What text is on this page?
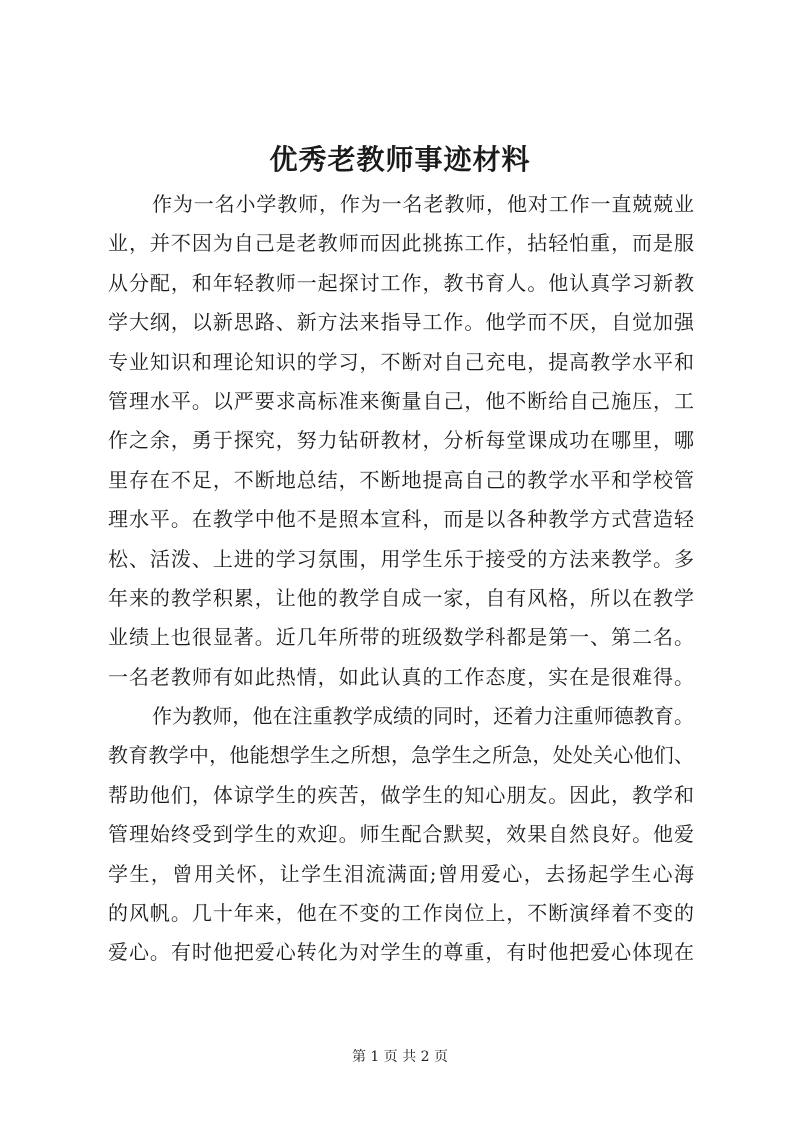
优秀老教师事迹材料
作为一名小学教师，作为一名老教师，他对工作一直兢兢业
业，并不因为自己是老教师而因此挑拣工作，拈轻怕重，而是服
从分配，和年轻教师一起探讨工作，教书育人。他认真学习新教
学大纲，以新思路、新方法来指导工作。他学而不厌，自觉加强
专业知识和理论知识的学习，不断对自己充电，提高教学水平和
管理水平。以严要求高标准来衡量自己，他不断给自己施压，工
作之余，勇于探究，努力钻研教材，分析每堂课成功在哪里，哪
里存在不足，不断地总结，不断地提高自己的教学水平和学校管
理水平。在教学中他不是照本宣科，而是以各种教学方式营造轻
松、活泼、上进的学习氛围，用学生乐于接受的方法来教学。多
年来的教学积累，让他的教学自成一家，自有风格，所以在教学
业绩上也很显著。近几年所带的班级数学科都是第一、第二名。
一名老教师有如此热情，如此认真的工作态度，实在是很难得。
作为教师，他在注重教学成绩的同时，还着力注重师德教育。
教育教学中，他能想学生之所想，急学生之所急，处处关心他们、
帮助他们，体谅学生的疾苦，做学生的知心朋友。因此，教学和
管理始终受到学生的欢迎。师生配合默契，效果自然良好。他爱
学生，曾用关怀，让学生泪流满面;曾用爱心，去扬起学生心海
的风帆。几十年来，他在不变的工作岗位上，不断演绎着不变的
爱心。有时他把爱心转化为对学生的尊重，有时他把爱心体现在
第 1 页 共 2 页
